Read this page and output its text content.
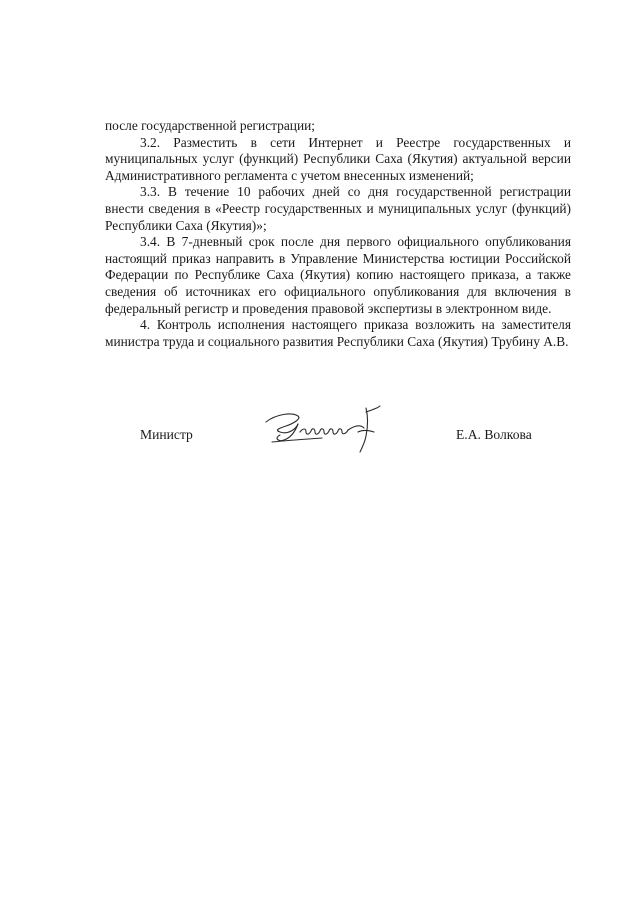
после государственной регистрации;

3.2. Разместить в сети Интернет и Реестре государственных и муниципальных услуг (функций) Республики Саха (Якутия) актуальной версии Административного регламента с учетом внесенных изменений;

3.3. В течение 10 рабочих дней со дня государственной регистрации внести сведения в «Реестр государственных и муниципальных услуг (функций) Республики Саха (Якутия)»;

3.4. В 7-дневный срок после дня первого официального опубликования настоящий приказ направить в Управление Министерства юстиции Российской Федерации по Республике Саха (Якутия) копию настоящего приказа, а также сведения об источниках его официального опубликования для включения в федеральный регистр и проведения правовой экспертизы в электронном виде.

4. Контроль исполнения настоящего приказа возложить на заместителя министра труда и социального развития Республики Саха (Якутия) Трубину А.В.

Министр	Е.А. Волкова
